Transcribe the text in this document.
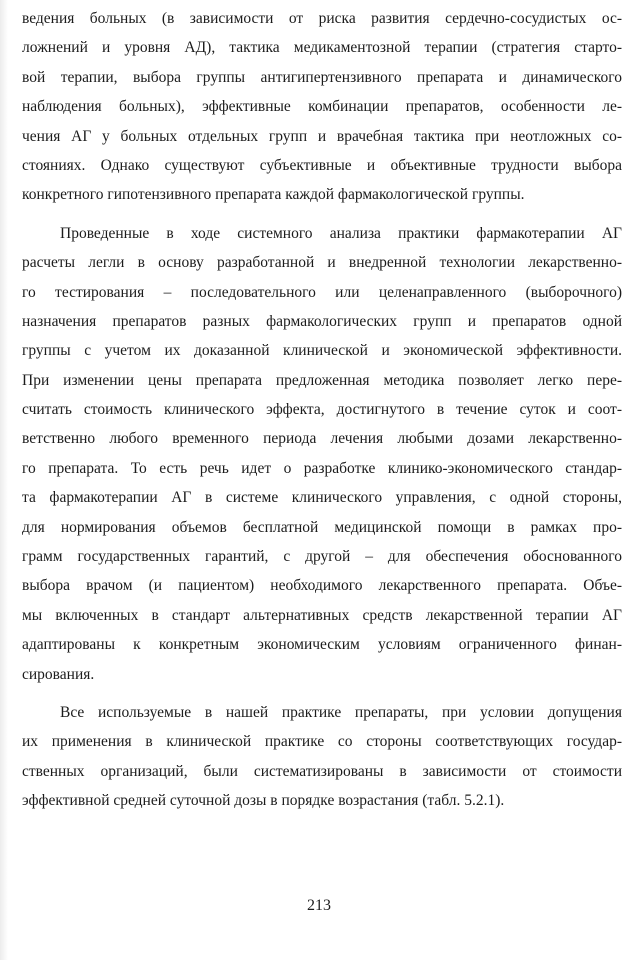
ведения больных (в зависимости от риска развития сердечно-сосудистых ос-
ложнений и уровня АД), тактика медикаментозной терапии (стратегия старто-
вой терапии, выбора группы антигипертензивного препарата и динамического
наблюдения больных), эффективные комбинации препаратов, особенности ле-
чения АГ у больных отдельных групп и врачебная тактика при неотложных со-
стояниях. Однако существуют субъективные и объективные трудности выбора
конкретного гипотензивного препарата каждой фармакологической группы.
Проведенные в ходе системного анализа практики фармакотерапии АГ
расчеты легли в основу разработанной и внедренной технологии лекарственно-
го тестирования – последовательного или целенаправленного (выборочного)
назначения препаратов разных фармакологических групп и препаратов одной
группы с учетом их доказанной клинической и экономической эффективности.
При изменении цены препарата предложенная методика позволяет легко пере-
считать стоимость клинического эффекта, достигнутого в течение суток и соот-
ветственно любого временного периода лечения любыми дозами лекарственно-
го препарата. То есть речь идет о разработке клинико-экономического стандар-
та фармакотерапии АГ в системе клинического управления, с одной стороны,
для нормирования объемов бесплатной медицинской помощи в рамках про-
грамм государственных гарантий, с другой – для обеспечения обоснованного
выбора врачом (и пациентом) необходимого лекарственного препарата. Объе-
мы включенных в стандарт альтернативных средств лекарственной терапии АГ
адаптированы к конкретным экономическим условиям ограниченного финан-
сирования.
Все используемые в нашей практике препараты, при условии допущения
их применения в клинической практике со стороны соответствующих государ-
ственных организаций, были систематизированы в зависимости от стоимости
эффективной средней суточной дозы в порядке возрастания (табл. 5.2.1).
213
